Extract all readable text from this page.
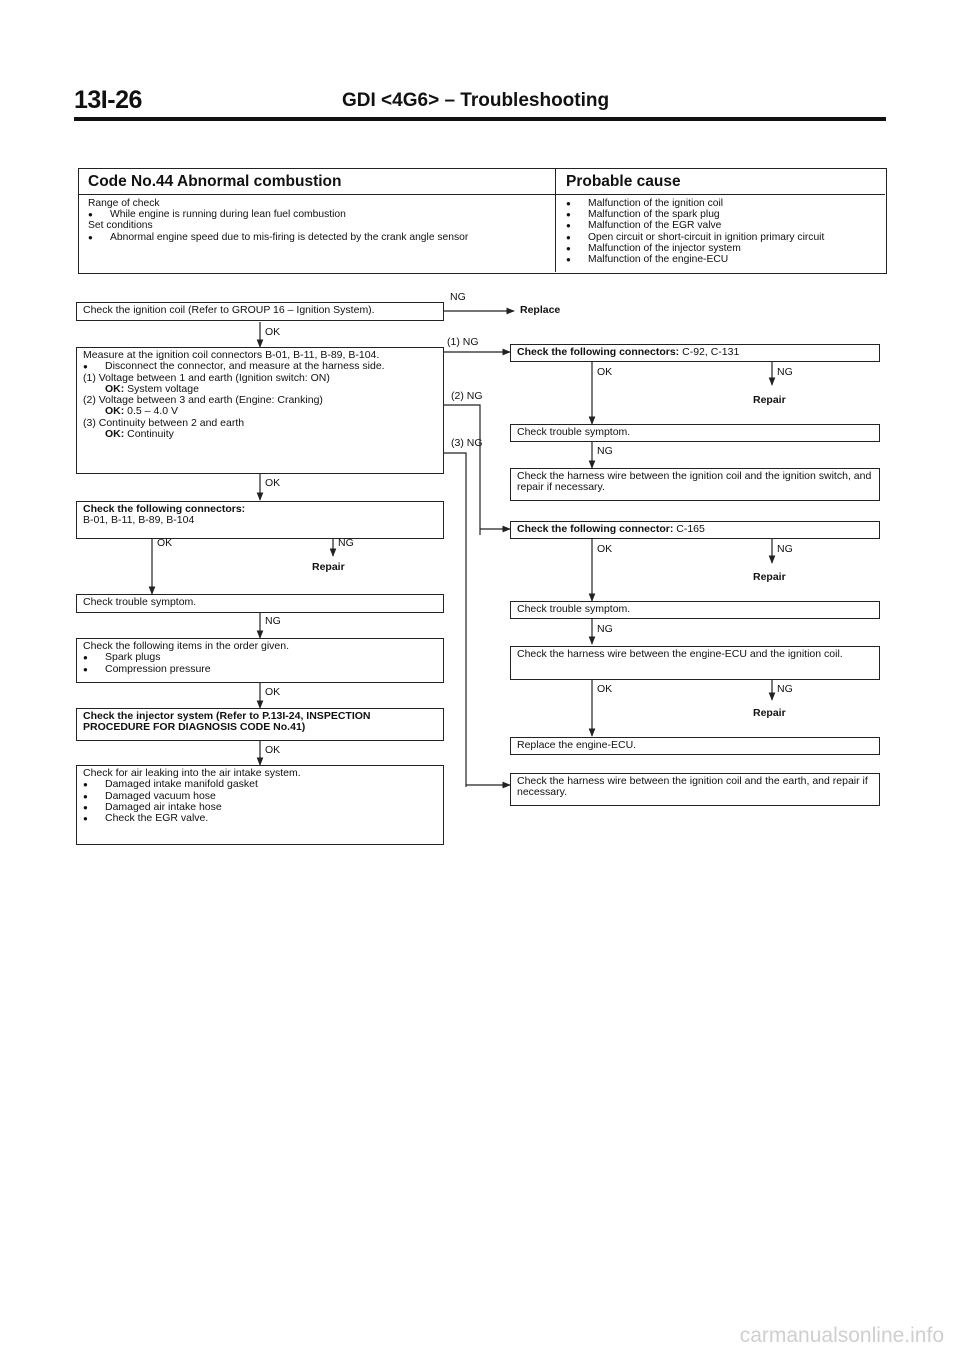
13I-26	GDI <4G6> – Troubleshooting
Code No.44 Abnormal combustion	Probable cause
Range of check
● While engine is running during lean fuel combustion
Set conditions
● Abnormal engine speed due to mis-firing is detected by the crank angle sensor
● Malfunction of the ignition coil
● Malfunction of the spark plug
● Malfunction of the EGR valve
● Open circuit or short-circuit in ignition primary circuit
● Malfunction of the injector system
● Malfunction of the engine-ECU
Check the ignition coil (Refer to GROUP 16 – Ignition System).
NG
Replace
OK
Measure at the ignition coil connectors B-01, B-11, B-89, B-104.
● Disconnect the connector, and measure at the harness side.
(1) Voltage between 1 and earth (Ignition switch: ON)
OK: System voltage
(2) Voltage between 3 and earth (Engine: Cranking)
OK: 0.5 – 4.0 V
(3) Continuity between 2 and earth
OK: Continuity
(1) NG
(2) NG
(3) NG
OK
Check the following connectors:
B-01, B-11, B-89, B-104
OK	NG
Repair
Check trouble symptom.
NG
Check the following items in the order given.
● Spark plugs
● Compression pressure
OK
Check the injector system (Refer to P.13I-24, INSPECTION PROCEDURE FOR DIAGNOSIS CODE No.41)
OK
Check for air leaking into the air intake system.
● Damaged intake manifold gasket
● Damaged vacuum hose
● Damaged air intake hose
● Check the EGR valve.
Check the following connectors: C-92, C-131
OK	NG
Repair
Check trouble symptom.
NG
Check the harness wire between the ignition coil and the ignition switch, and repair if necessary.
Check the following connector: C-165
OK	NG
Repair
Check trouble symptom.
NG
Check the harness wire between the engine-ECU and the ignition coil.
OK	NG
Repair
Replace the engine-ECU.
Check the harness wire between the ignition coil and the earth, and repair if necessary.
carmanualsonline.info
